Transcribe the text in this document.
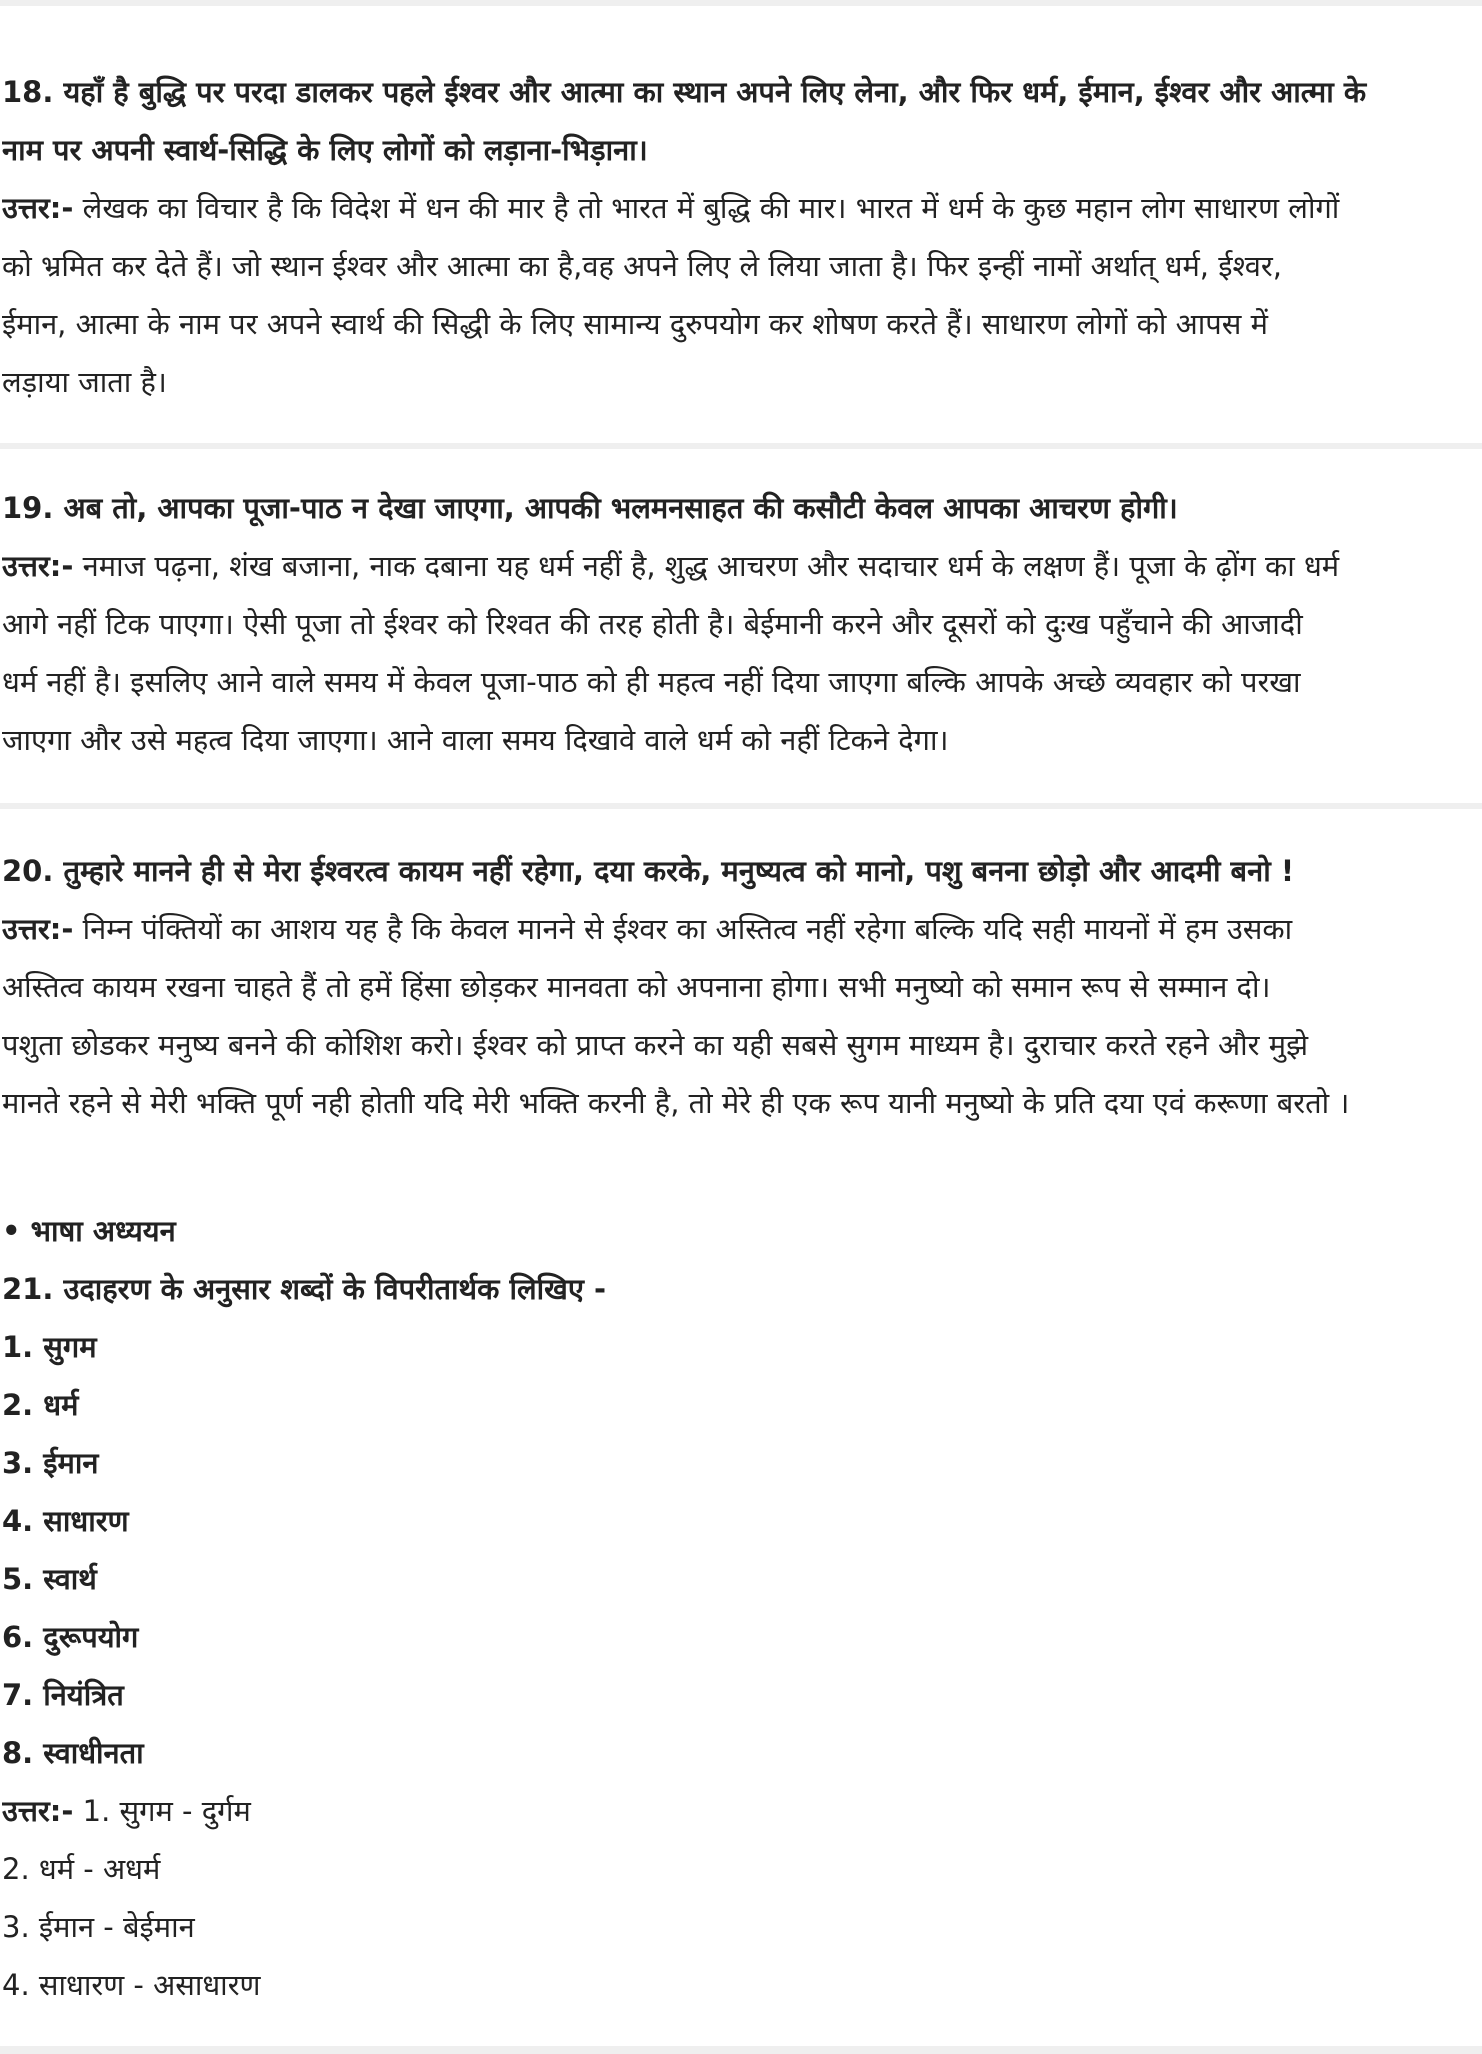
18. यहाँ है बुद्धि पर परदा डालकर पहले ईश्वर और आत्मा का स्थान अपने लिए लेना, और फिर धर्म, ईमान, ईश्वर और आत्मा के
नाम पर अपनी स्वार्थ-सिद्धि के लिए लोगों को लड़ाना-भिड़ाना।
उत्तर:- लेखक का विचार है कि विदेश में धन की मार है तो भारत में बुद्धि की मार। भारत में धर्म के कुछ महान लोग साधारण लोगों
को भ्रमित कर देते हैं। जो स्थान ईश्वर और आत्मा का है,वह अपने लिए ले लिया जाता है। फिर इन्हीं नामों अर्थात् धर्म, ईश्वर,
ईमान, आत्मा के नाम पर अपने स्वार्थ की सिद्धी के लिए सामान्य दुरुपयोग कर शोषण करते हैं। साधारण लोगों को आपस में
लड़ाया जाता है।
19. अब तो, आपका पूजा-पाठ न देखा जाएगा, आपकी भलमनसाहत की कसौटी केवल आपका आचरण होगी।
उत्तर:- नमाज पढ़ना, शंख बजाना, नाक दबाना यह धर्म नहीं है, शुद्ध आचरण और सदाचार धर्म के लक्षण हैं। पूजा के ढ़ोंग का धर्म
आगे नहीं टिक पाएगा। ऐसी पूजा तो ईश्वर को रिश्वत की तरह होती है। बेईमानी करने और दूसरों को दुःख पहुँचाने की आजादी
धर्म नहीं है। इसलिए आने वाले समय में केवल पूजा-पाठ को ही महत्व नहीं दिया जाएगा बल्कि आपके अच्छे व्यवहार को परखा
जाएगा और उसे महत्व दिया जाएगा। आने वाला समय दिखावे वाले धर्म को नहीं टिकने देगा।
20. तुम्हारे मानने ही से मेरा ईश्वरत्व कायम नहीं रहेगा, दया करके, मनुष्यत्व को मानो, पशु बनना छोड़ो और आदमी बनो !
उत्तर:- निम्न पंक्तियों का आशय यह है कि केवल मानने से ईश्वर का अस्तित्व नहीं रहेगा बल्कि यदि सही मायनों में हम उसका
अस्तित्व कायम रखना चाहते हैं तो हमें हिंसा छोड़कर मानवता को अपनाना होगा। सभी मनुष्यो को समान रूप से सम्मान दो।
पशुता छोडकर मनुष्य बनने की कोशिश करो। ईश्वर को प्राप्त करने का यही सबसे सुगम माध्यम है। दुराचार करते रहने और मुझे
मानते रहने से मेरी भक्ति पूर्ण नही होताी यदि मेरी भक्ति करनी है, तो मेरे ही एक रूप यानी मनुष्यो के प्रति दया एवं करूणा बरतो ।
• भाषा अध्ययन
21. उदाहरण के अनुसार शब्दों के विपरीतार्थक लिखिए -
1. सुगम
2. धर्म
3. ईमान
4. साधारण
5. स्वार्थ
6. दुरूपयोग
7. नियंत्रित
8. स्वाधीनता
उत्तर:- 1. सुगम - दुर्गम
2. धर्म - अधर्म
3. ईमान - बेईमान
4. साधारण - असाधारण
